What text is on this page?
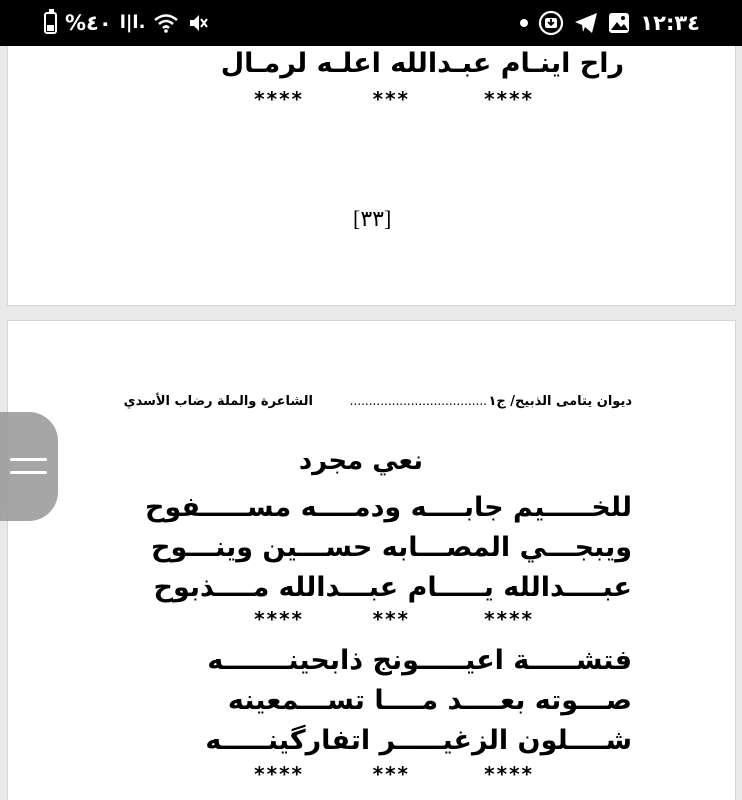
%٤٠ l|l.	١٢:٣٤
راح اينـام عبـدالله اعلـه لرمـال
****
***
****
[٣٣]
ديوان يتامى الذبيح/ ج١
....................................
الشاعرة والملة رضاب الأسدي
نعي مجرد
للخـــــيم جابــــه ودمــــه مســـــفوح
ويبجـــي المصـــابه حســـين وينـــوح
عبــــدالله يـــــام عبـــدالله مــــذبوح
****
***
****
فتشـــــة اعيـــــونج ذابحينـــــــه
صـــوته بعــــد مــــا تســـمعينه
شــــلون الزغيـــــر اتفارگينـــــه
****
***
****
